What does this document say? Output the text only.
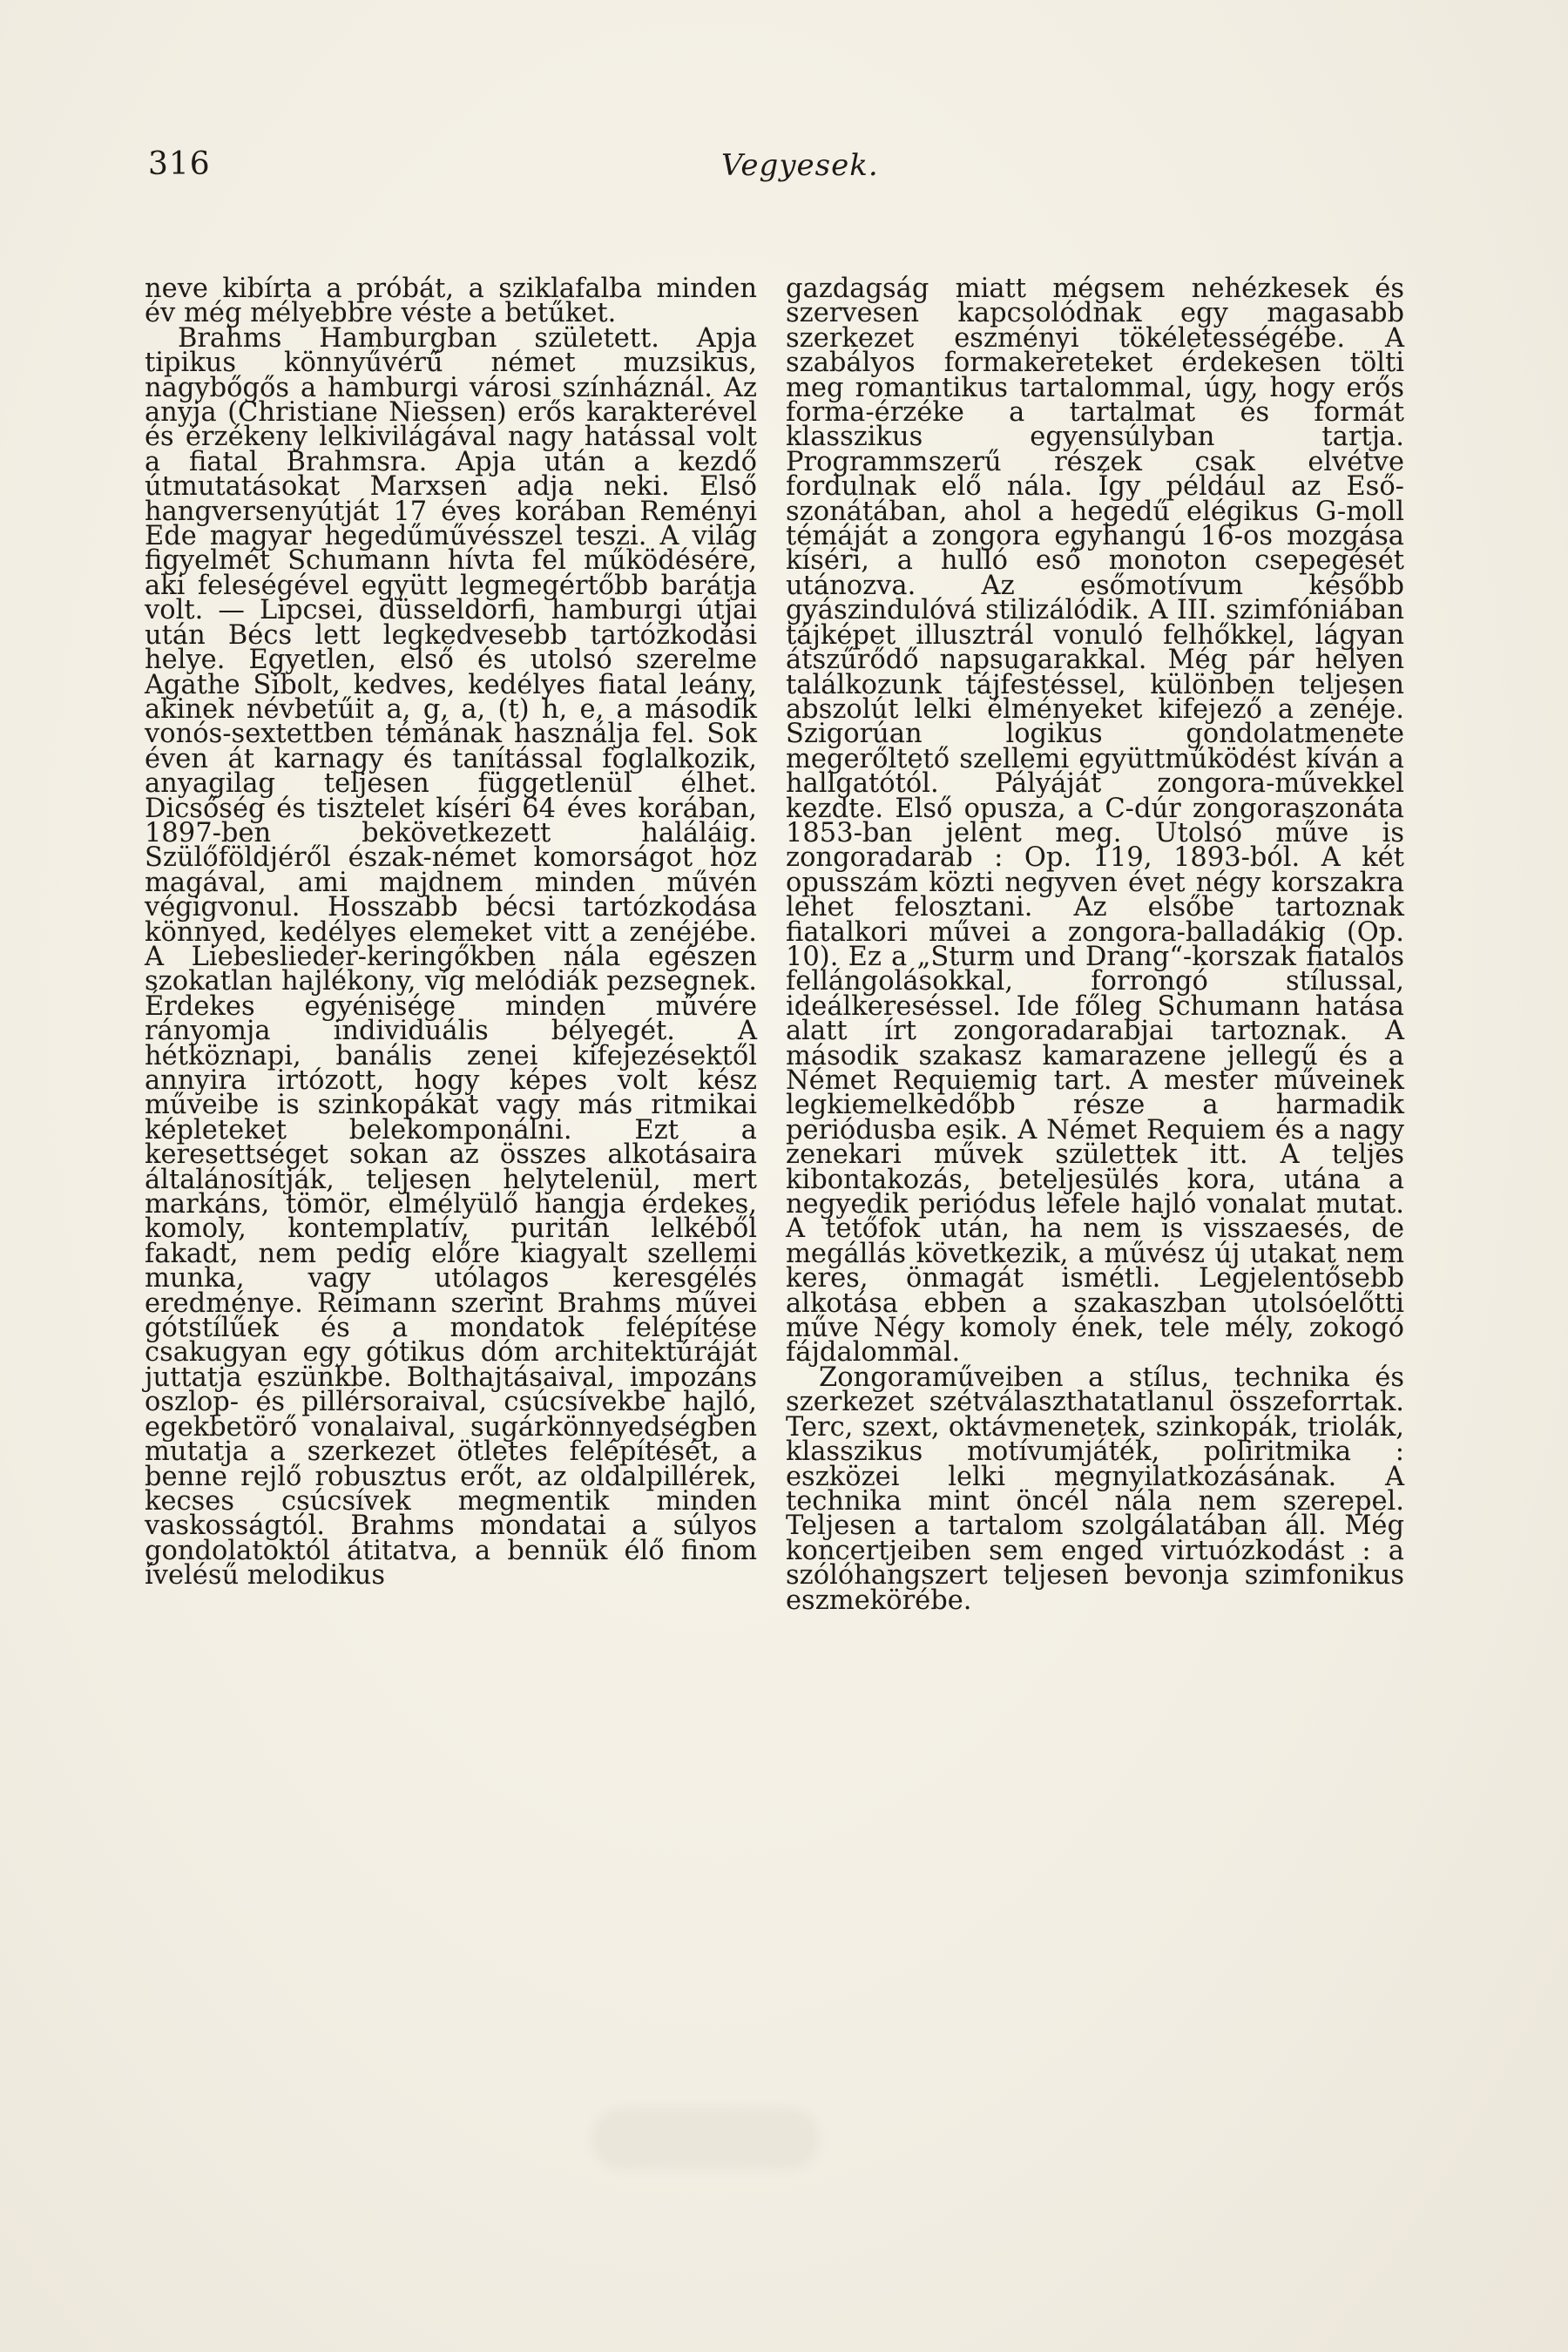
316	Vegyesek.

neve kibírta a próbát, a sziklafalba minden év még mélyebbre véste a betűket.

Brahms Hamburgban született. Apja tipikus könnyűvérű német muzsikus, nagybőgős a hamburgi városi színháznál. Az anyja (Christiane Niessen) erős karakterével és érzékeny lelkivilágával nagy hatással volt a fiatal Brahmsra. Apja után a kezdő útmutatásokat Marxsen adja neki. Első hangversenyútját 17 éves korában Reményi Ede magyar hegedűművésszel teszi. A világ figyelmét Schumann hívta fel működésére, aki feleségével együtt legmegértőbb barátja volt. — Lipcsei, düsseldorfi, hamburgi útjai után Bécs lett legkedvesebb tartózkodási helye. Egyetlen, első és utolsó szerelme Agathe Sibolt, kedves, kedélyes fiatal leány, akinek névbetűit a, g, a, (t) h, e, a második vonós-sextettben témának használja fel. Sok éven át karnagy és tanítással foglalkozik, anyagilag teljesen függetlenül élhet. Dicsőség és tisztelet kíséri 64 éves korában, 1897-ben bekövetkezett haláláig. Szülőföldjéről észak-német komorságot hoz magával, ami majdnem minden művén végigvonul. Hosszabb bécsi tartózkodása könnyed, kedélyes elemeket vitt a zenéjébe. A Liebeslieder-keringőkben nála egészen szokatlan hajlékony, víg melódiák pezsegnek. Érdekes egyénisége minden művére rányomja individuális bélyegét. A hétköznapi, banális zenei kifejezésektől annyira irtózott, hogy képes volt kész műveibe is szinkopákat vagy más ritmikai képleteket belekomponálni. Ezt a keresettséget sokan az összes alkotásaira általánosítják, teljesen helytelenül, mert markáns, tömör, elmélyülő hangja érdekes, komoly, kontemplatív, puritán lelkéből fakadt, nem pedig előre kiagyalt szellemi munka, vagy utólagos keresgélés eredménye. Reimann szerint Brahms művei gótstílűek és a mondatok felépítése csakugyan egy gótikus dóm architektúráját juttatja eszünkbe. Bolthajtásaival, impozáns oszlop- és pillérsoraival, csúcsívekbe hajló, egekbetörő vonalaival, sugárkönnyedségben mutatja a szerkezet ötletes felépítését, a benne rejlő robusztus erőt, az oldalpillérek, kecses csúcsívek megmentik minden vaskosságtól. Brahms mondatai a súlyos gondolatoktól átitatva, a bennük élő finom ívelésű melodikus

gazdagság miatt mégsem nehézkesek és szervesen kapcsolódnak egy magasabb szerkezet eszményi tökéletességébe. A szabályos formakereteket érdekesen tölti meg romantikus tartalommal, úgy, hogy erős forma-érzéke a tartalmat és formát klasszikus egyensúlyban tartja. Programmszerű részek csak elvétve fordulnak elő nála. Így például az Eső-szonátában, ahol a hegedű elégikus G-moll témáját a zongora egyhangú 16-os mozgása kíséri, a hulló eső monoton csepegését utánozva. Az esőmotívum később gyászindulóvá stilizálódik. A III. szimfóniában tájképet illusztrál vonuló felhőkkel, lágyan átszűrődő napsugarakkal. Még pár helyen találkozunk tájfestéssel, különben teljesen abszolút lelki élményeket kifejező a zenéje. Szigorúan logikus gondolatmenete megerőltető szellemi együttműködést kíván a hallgatótól. Pályáját zongora-művekkel kezdte. Első opusza, a C-dúr zongoraszonáta 1853-ban jelent meg. Utolsó műve is zongoradarab : Op. 119, 1893-ból. A két opusszám közti negyven évet négy korszakra lehet felosztani. Az elsőbe tartoznak fiatalkori művei a zongora-balladákig (Op. 10). Ez a „Sturm und Drang“-korszak fiatalos fellángolásokkal, forrongó stílussal, ideálkereséssel. Ide főleg Schumann hatása alatt írt zongoradarabjai tartoznak. A második szakasz kamarazene jellegű és a Német Requiemig tart. A mester műveinek legkiemelkedőbb része a harmadik periódusba esik. A Német Requiem és a nagy zenekari művek születtek itt. A teljes kibontakozás, beteljesülés kora, utána a negyedik periódus lefele hajló vonalat mutat. A tetőfok után, ha nem is visszaesés, de megállás következik, a művész új utakat nem keres, önmagát ismétli. Legjelentősebb alkotása ebben a szakaszban utolsóelőtti műve Négy komoly ének, tele mély, zokogó fájdalommal.

Zongoraműveiben a stílus, technika és szerkezet szétválaszthatatlanul összeforrtak. Terc, szext, oktávmenetek, szinkopák, triolák, klasszikus motívumjáték, poliritmika : eszközei lelki megnyilatkozásának. A technika mint öncél nála nem szerepel. Teljesen a tartalom szolgálatában áll. Még koncertjeiben sem enged virtuózkodást : a szólóhangszert teljesen bevonja szimfonikus eszmekörébe.
